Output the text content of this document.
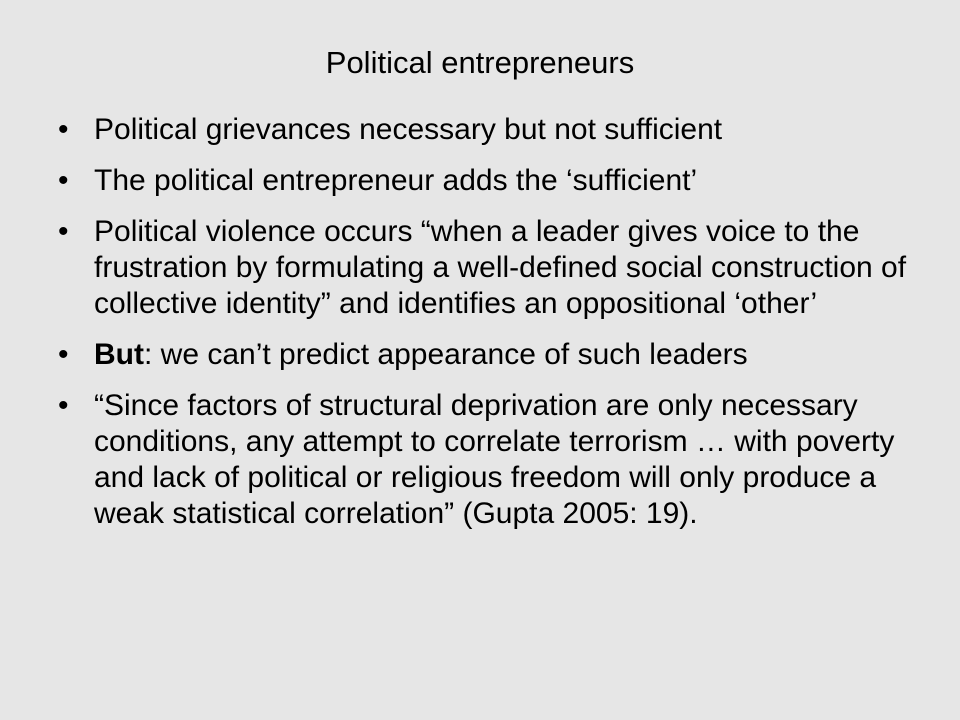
Political entrepreneurs
• Political grievances necessary but not sufficient
• The political entrepreneur adds the ‘sufficient’
• Political violence occurs “when a leader gives voice to the frustration by formulating a well-defined social construction of collective identity” and identifies an oppositional ‘other’
• But: we can’t predict appearance of such leaders
• “Since factors of structural deprivation are only necessary conditions, any attempt to correlate terrorism … with poverty and lack of political or religious freedom will only produce a weak statistical correlation” (Gupta 2005: 19).
